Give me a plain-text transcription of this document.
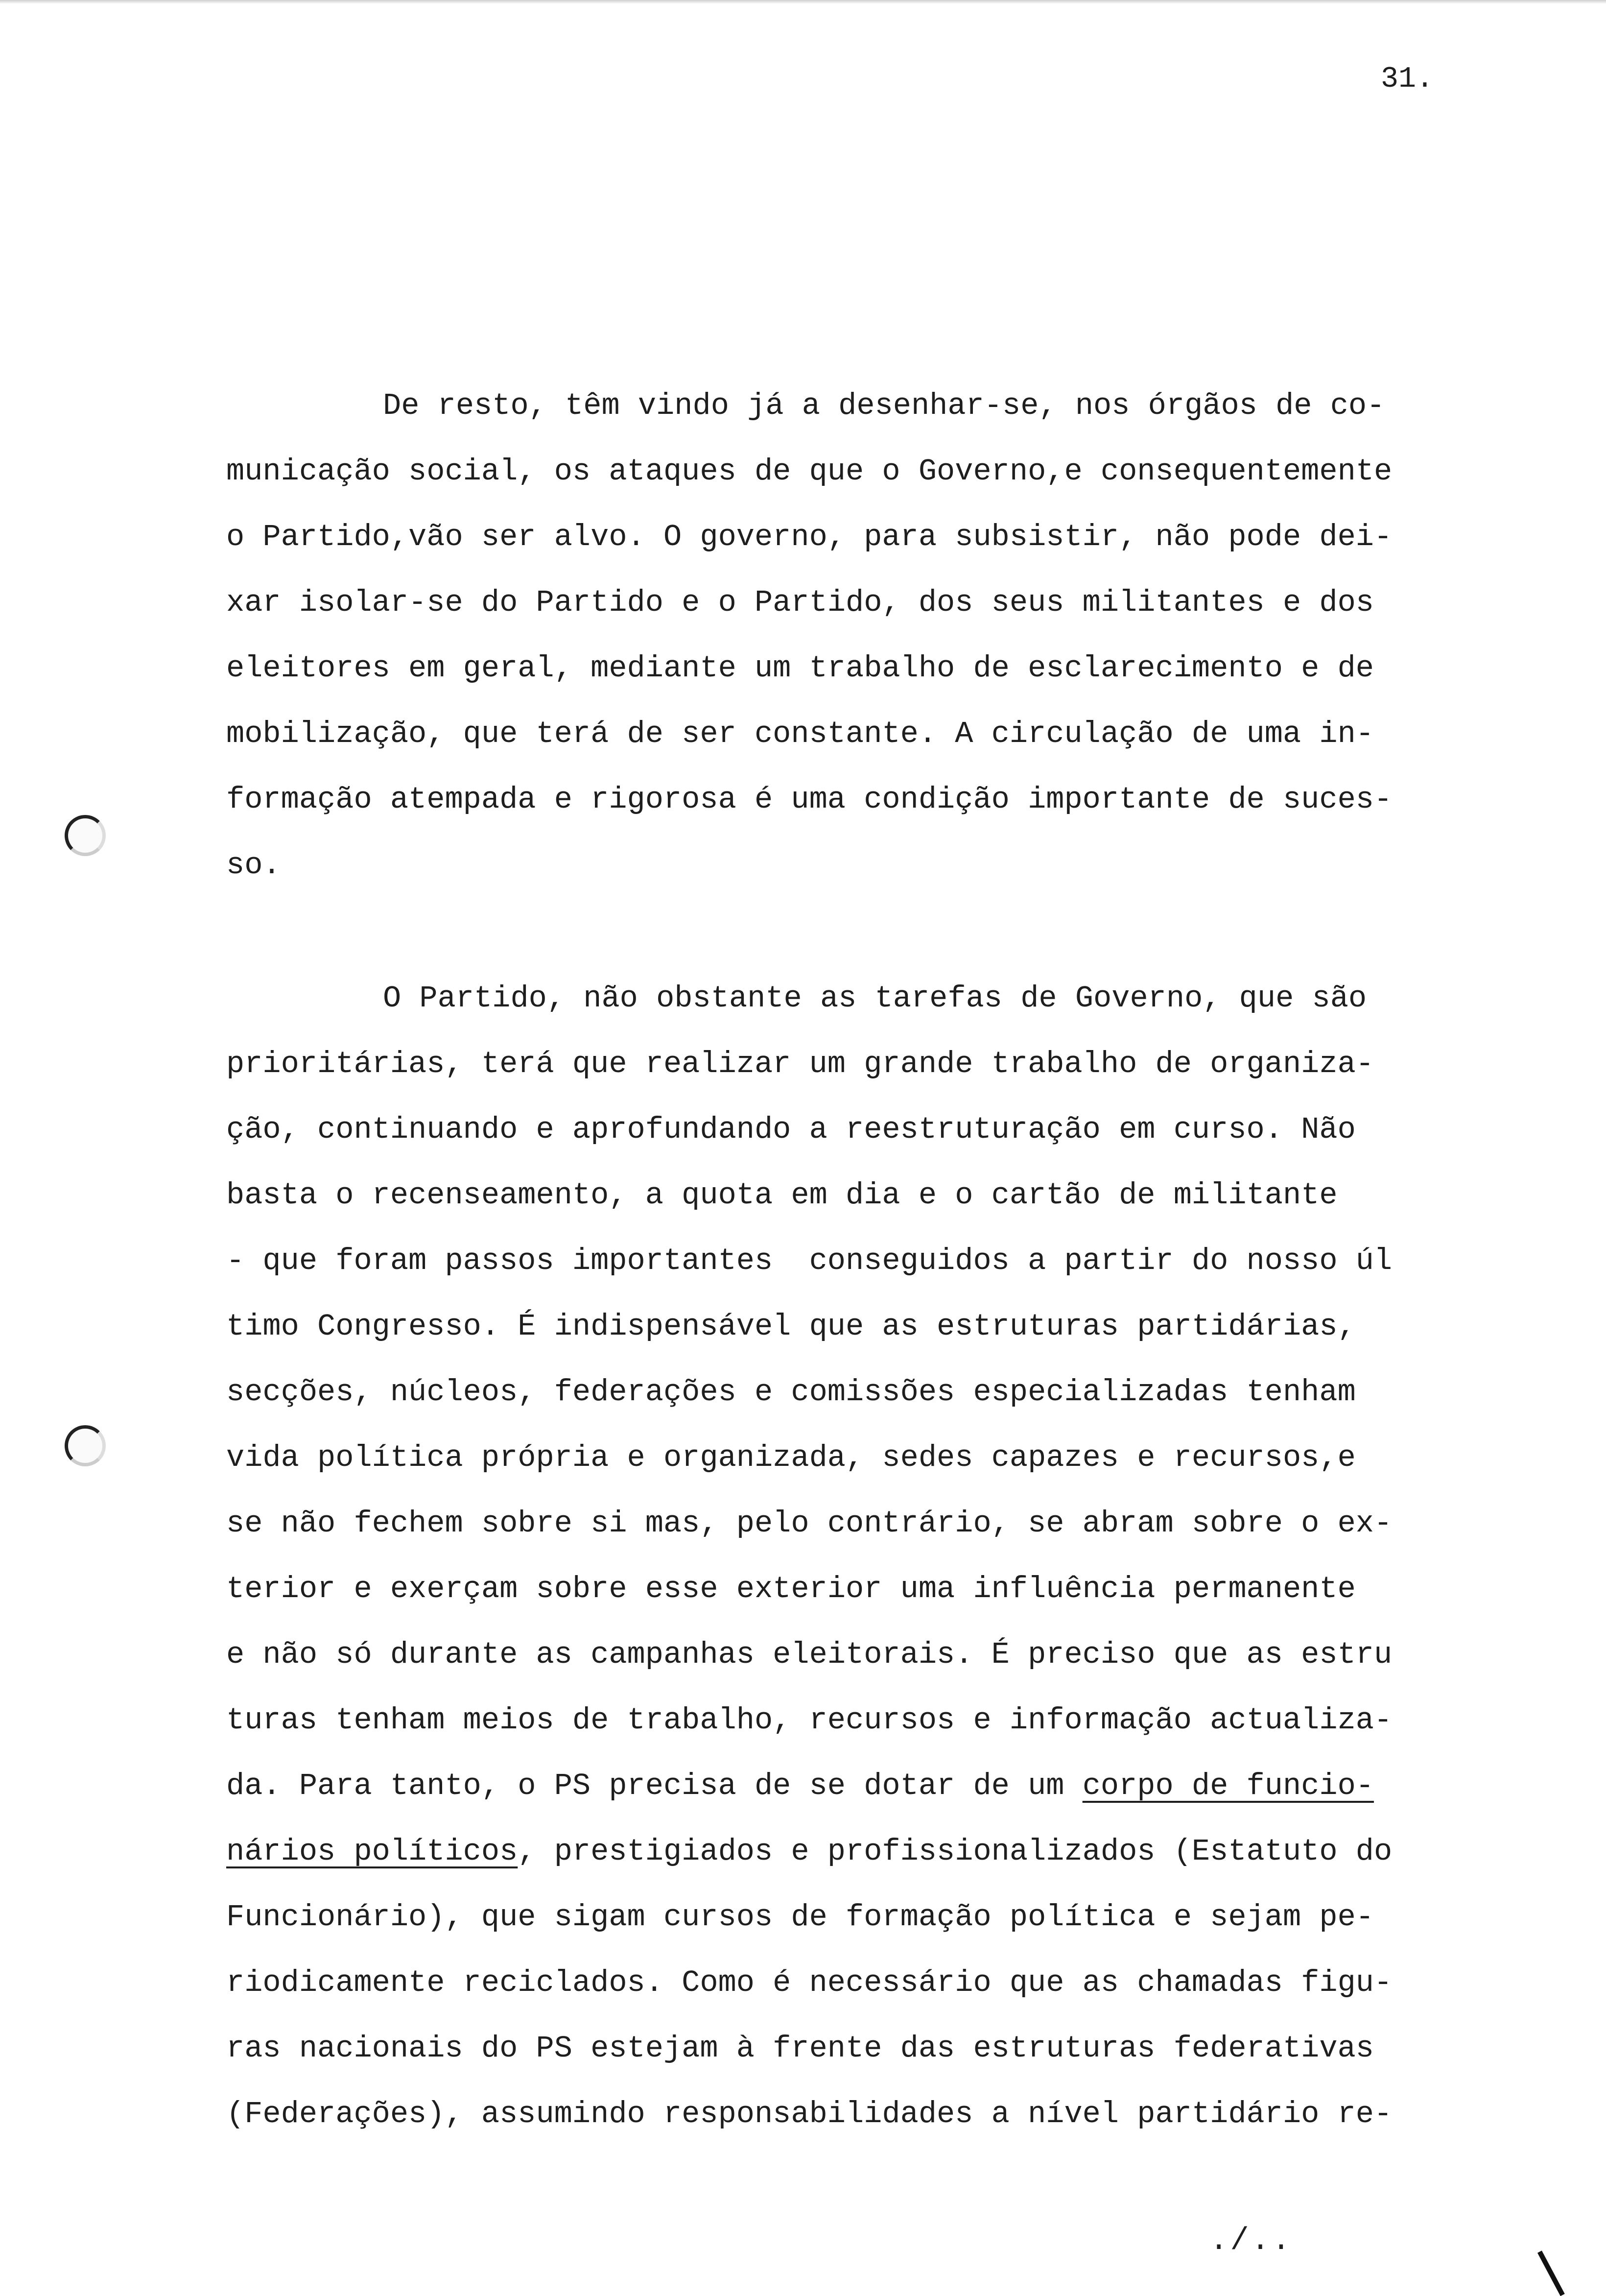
31.
De resto, têm vindo já a desenhar-se, nos órgãos de co-
municação social, os ataques de que o Governo,e consequentemente
o Partido,vão ser alvo. O governo, para subsistir, não pode dei-
xar isolar-se do Partido e o Partido, dos seus militantes e dos
eleitores em geral, mediante um trabalho de esclarecimento e de
mobilização, que terá de ser constante. A circulação de uma in-
formação atempada e rigorosa é uma condição importante de suces-
so.
O Partido, não obstante as tarefas de Governo, que são
prioritárias, terá que realizar um grande trabalho de organiza-
ção, continuando e aprofundando a reestruturação em curso. Não
basta o recenseamento, a quota em dia e o cartão de militante
- que foram passos importantes  conseguidos a partir do nosso úl
timo Congresso. É indispensável que as estruturas partidárias,
secções, núcleos, federações e comissões especializadas tenham
vida política própria e organizada, sedes capazes e recursos,e
se não fechem sobre si mas, pelo contrário, se abram sobre o ex-
terior e exerçam sobre esse exterior uma influência permanente
e não só durante as campanhas eleitorais. É preciso que as estru
turas tenham meios de trabalho, recursos e informação actualiza-
da. Para tanto, o PS precisa de se dotar de um corpo de funcio-
nários políticos, prestigiados e profissionalizados (Estatuto do
Funcionário), que sigam cursos de formação política e sejam pe-
riodicamente reciclados. Como é necessário que as chamadas figu-
ras nacionais do PS estejam à frente das estruturas federativas
(Federações), assumindo responsabilidades a nível partidário re-
./..
